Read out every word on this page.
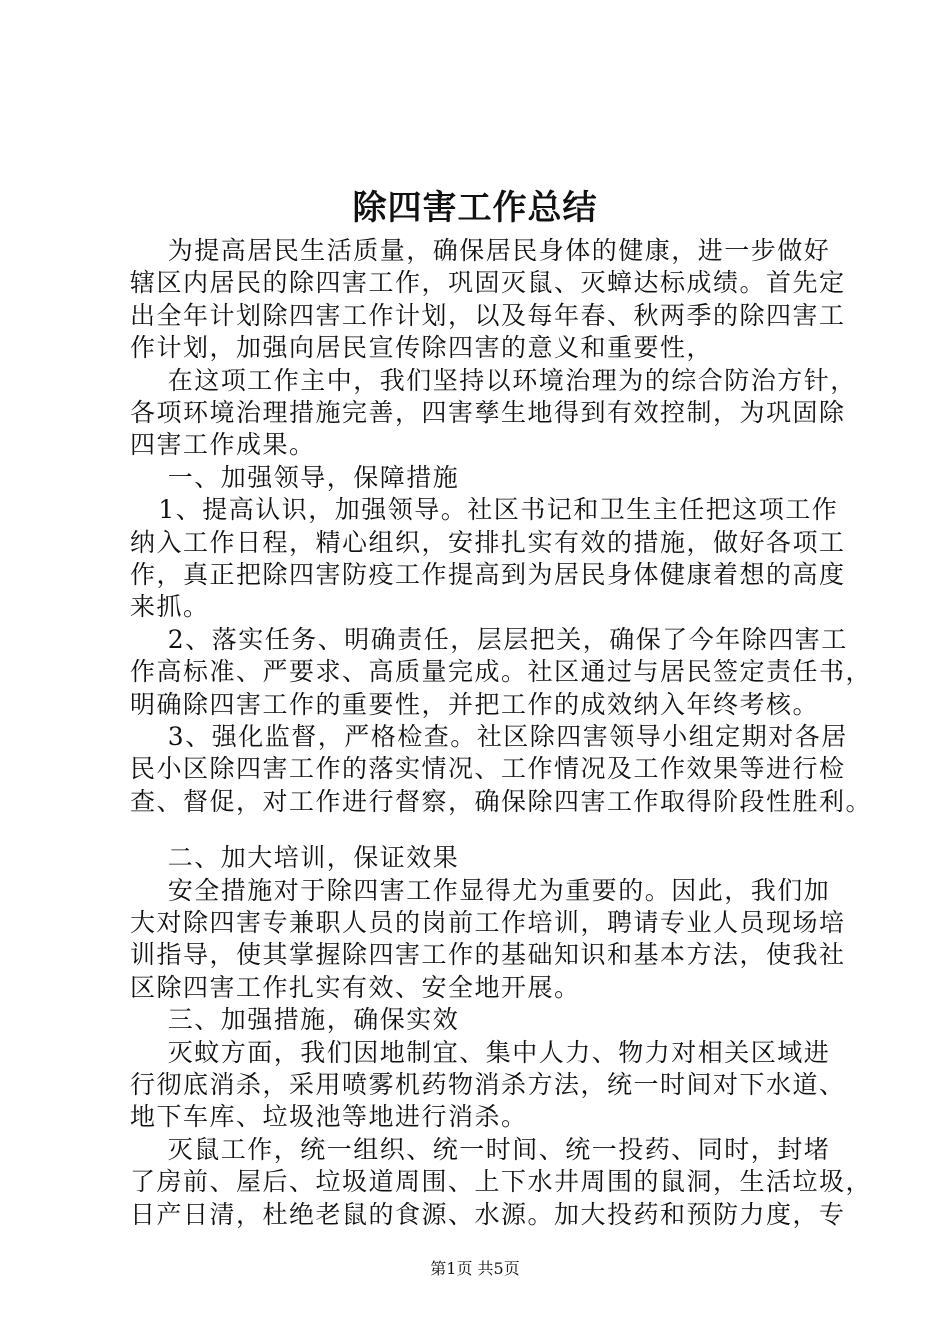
除四害工作总结
为提高居民生活质量，确保居民身体的健康，进一步做好
辖区内居民的除四害工作，巩固灭鼠、灭蟑达标成绩。首先定
出全年计划除四害工作计划，以及每年春、秋两季的除四害工
作计划，加强向居民宣传除四害的意义和重要性，
在这项工作主中，我们坚持以环境治理为的综合防治方针，
各项环境治理措施完善，四害孳生地得到有效控制，为巩固除
四害工作成果。
一、加强领导，保障措施
1、提高认识，加强领导。社区书记和卫生主任把这项工作
纳入工作日程，精心组织，安排扎实有效的措施，做好各项工
作，真正把除四害防疫工作提高到为居民身体健康着想的高度
来抓。
2、落实任务、明确责任，层层把关，确保了今年除四害工
作高标准、严要求、高质量完成。社区通过与居民签定责任书，
明确除四害工作的重要性，并把工作的成效纳入年终考核。
3、强化监督，严格检查。社区除四害领导小组定期对各居
民小区除四害工作的落实情况、工作情况及工作效果等进行检
查、督促，对工作进行督察，确保除四害工作取得阶段性胜利。
二、加大培训，保证效果
安全措施对于除四害工作显得尤为重要的。因此，我们加
大对除四害专兼职人员的岗前工作培训，聘请专业人员现场培
训指导，使其掌握除四害工作的基础知识和基本方法，使我社
区除四害工作扎实有效、安全地开展。
三、加强措施，确保实效
灭蚊方面，我们因地制宜、集中人力、物力对相关区域进
行彻底消杀，采用喷雾机药物消杀方法，统一时间对下水道、
地下车库、垃圾池等地进行消杀。
灭鼠工作，统一组织、统一时间、统一投药、同时，封堵
了房前、屋后、垃圾道周围、上下水井周围的鼠洞，生活垃圾，
日产日清，杜绝老鼠的食源、水源。加大投药和预防力度，专
第1页 共5页
